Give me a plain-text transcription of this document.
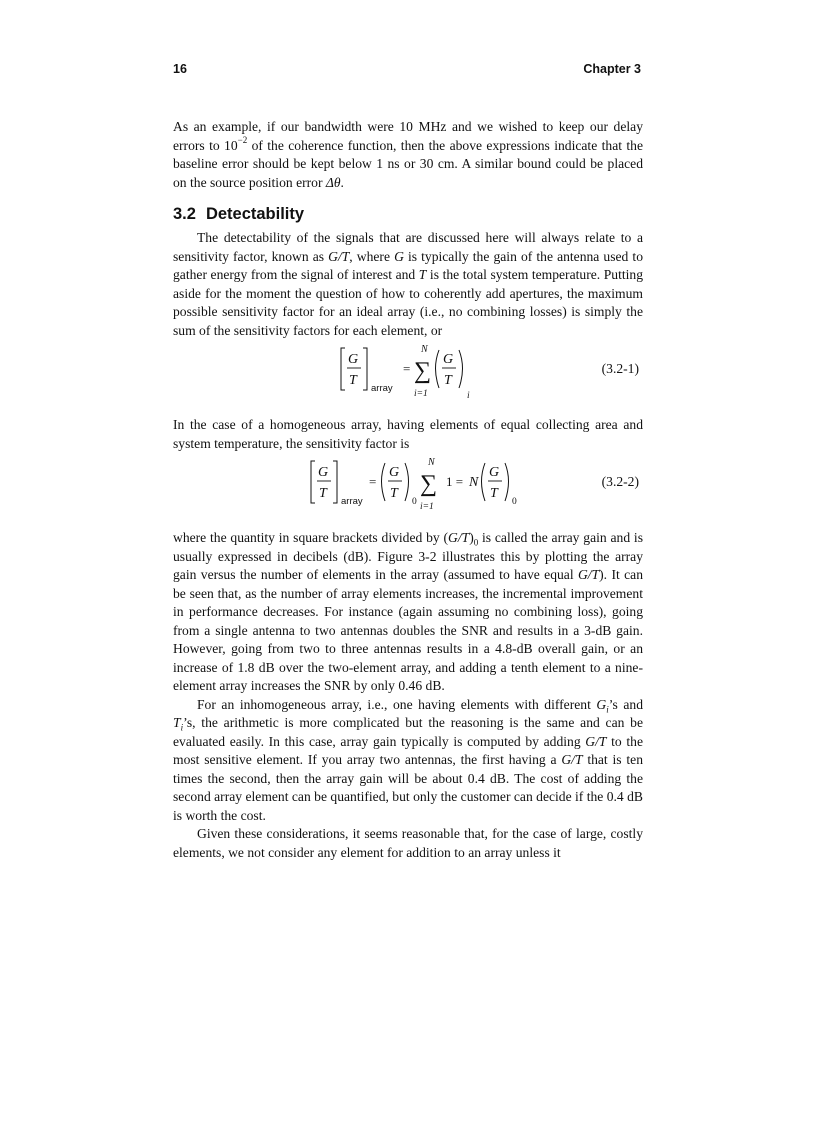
16	Chapter 3

As an example, if our bandwidth were 10 MHz and we wished to keep our delay errors to $10^{-2}$ of the coherence function, then the above expressions indicate that the baseline error should be kept below 1 ns or 30 cm. A similar bound could be placed on the source position error Δθ.

3.2 Detectability

The detectability of the signals that are discussed here will always relate to a sensitivity factor, known as G/T, where G is typically the gain of the antenna used to gather energy from the signal of interest and T is the total system temperature. Putting aside for the moment the question of how to coherently add apertures, the maximum possible sensitivity factor for an ideal array (i.e., no combining losses) is simply the sum of the sensitivity factors for each element, or

G
T
array
=
N
∑
i=1
G
T
i
(3.2-1)

In the case of a homogeneous array, having elements of equal collecting area and system temperature, the sensitivity factor is

G
T
array
=
G
T
0
N
∑
i=1
1 = N
G
T
0
(3.2-2)

where the quantity in square brackets divided by $(G/T)_0$ is called the array gain and is usually expressed in decibels (dB). Figure 3-2 illustrates this by plotting the array gain versus the number of elements in the array (assumed to have equal G/T). It can be seen that, as the number of array elements increases, the incremental improvement in performance decreases. For instance (again assuming no combining loss), going from a single antenna to two antennas doubles the SNR and results in a 3-dB gain. However, going from two to three antennas results in a 4.8-dB overall gain, or an increase of 1.8 dB over the two-element array, and adding a tenth element to a nine-element array increases the SNR by only 0.46 dB.

For an inhomogeneous array, i.e., one having elements with different $G_i’s$ and $T_i’s$, the arithmetic is more complicated but the reasoning is the same and can be evaluated easily. In this case, array gain typically is computed by adding G/T to the most sensitive element. If you array two antennas, the first having a G/T that is ten times the second, then the array gain will be about 0.4 dB. The cost of adding the second array element can be quantified, but only the customer can decide if the 0.4 dB is worth the cost.

Given these considerations, it seems reasonable that, for the case of large, costly elements, we not consider any element for addition to an array unless it
